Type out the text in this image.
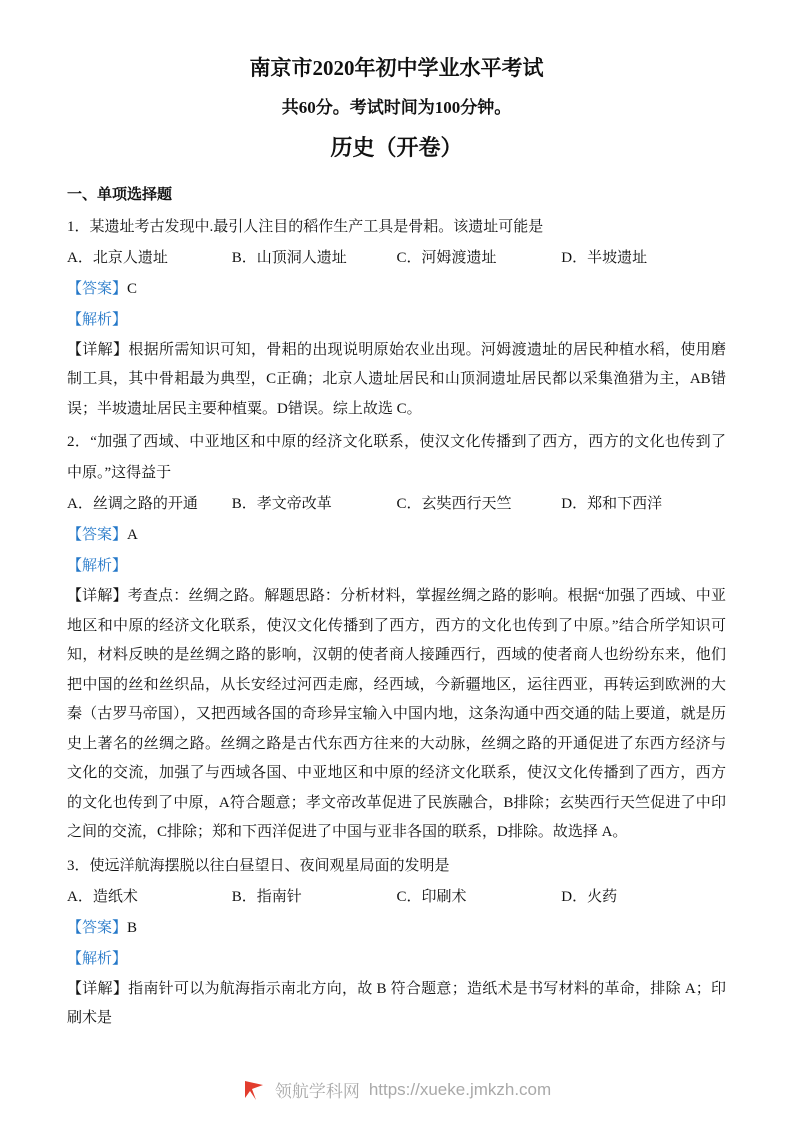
南京市2020年初中学业水平考试
共60分。考试时间为100分钟。
历史（开卷）
一、单项选择题

1．某遗址考古发现中.最引人注目的稻作生产工具是骨耜。该遗址可能是

A．北京人遗址	B．山顶洞人遗址	C．河姆渡遗址	D．半坡遗址

【答案】C

【解析】

【详解】根据所需知识可知，骨耜的出现说明原始农业出现。河姆渡遗址的居民种植水稻，使用磨制工具，其中骨耜最为典型，C正确；北京人遗址居民和山顶洞遗址居民都以采集渔猎为主，AB错误；半坡遗址居民主要种植粟。D错误。综上故选 C。

2．“加强了西域、中亚地区和中原的经济文化联系，使汉文化传播到了西方，西方的文化也传到了中原。”这得益于

A．丝调之路的开通	B．孝文帝改革	C．玄奘西行天竺	D．郑和下西洋

【答案】A

【解析】

【详解】考查点：丝绸之路。解题思路：分析材料，掌握丝绸之路的影响。根据“加强了西域、中亚地区和中原的经济文化联系，使汉文化传播到了西方，西方的文化也传到了中原。”结合所学知识可知，材料反映的是丝绸之路的影响，汉朝的使者商人接踵西行，西域的使者商人也纷纷东来，他们把中国的丝和丝织品，从长安经过河西走廊，经西域，今新疆地区，运往西亚，再转运到欧洲的大秦（古罗马帝国），又把西域各国的奇珍异宝输入中国内地，这条沟通中西交通的陆上要道，就是历史上著名的丝绸之路。丝绸之路是古代东西方往来的大动脉，丝绸之路的开通促进了东西方经济与文化的交流，加强了与西域各国、中亚地区和中原的经济文化联系，使汉文化传播到了西方，西方的文化也传到了中原，A符合题意；孝文帝改革促进了民族融合，B排除；玄奘西行天竺促进了中印之间的交流，C排除；郑和下西洋促进了中国与亚非各国的联系，D排除。故选择 A。

3．使远洋航海摆脱以往白昼望日、夜间观星局面的发明是

A．造纸术	B．指南针	C．印刷术	D．火药

【答案】B

【解析】

【详解】指南针可以为航海指示南北方向，故 B 符合题意；造纸术是书写材料的革命，排除 A；印刷术是

领航学科网 https://xueke.jmkzh.com
